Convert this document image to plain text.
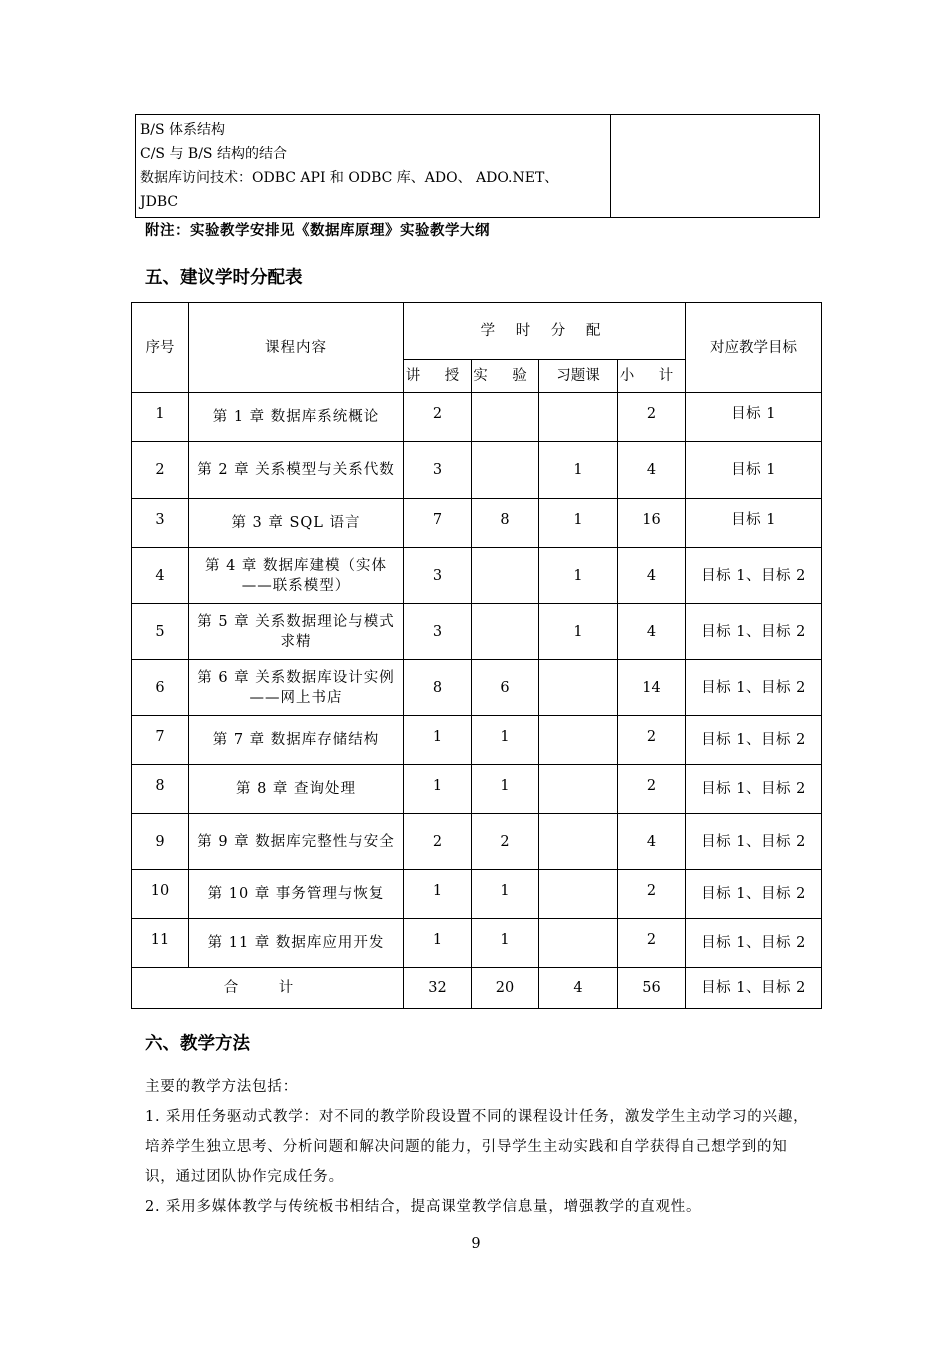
B/S 体系结构
C/S 与 B/S 结构的结合
数据库访问技术：ODBC API 和 ODBC 库、ADO、 ADO.NET、
JDBC

附注：实验教学安排见《数据库原理》实验教学大纲
五、建议学时分配表
序号	课程内容	学 时 分 配				对应教学目标
		讲 授	实 验	习题课	小 计	
1	第 1 章 数据库系统概论	2			2	目标 1
2	第 2 章 关系模型与关系代数	3		1	4	目标 1
3	第 3 章 SQL 语言	7	8	1	16	目标 1
4	第 4 章 数据库建模（实体——联系模型）	3		1	4	目标 1、目标 2
5	第 5 章 关系数据理论与模式求精	3		1	4	目标 1、目标 2
6	第 6 章 关系数据库设计实例——网上书店	8	6		14	目标 1、目标 2
7	第 7 章 数据库存储结构	1	1		2	目标 1、目标 2
8	第 8 章 查询处理	1	1		2	目标 1、目标 2
9	第 9 章 数据库完整性与安全	2	2		4	目标 1、目标 2
10	第 10 章 事务管理与恢复	1	1		2	目标 1、目标 2
11	第 11 章 数据库应用开发	1	1		2	目标 1、目标 2
合 计		32	20	4	56	目标 1、目标 2
六、教学方法

主要的教学方法包括：

1. 采用任务驱动式教学：对不同的教学阶段设置不同的课程设计任务，激发学生主动学习的兴趣，培养学生独立思考、分析问题和解决问题的能力，引导学生主动实践和自学获得自己想学到的知识，通过团队协作完成任务。

2. 采用多媒体教学与传统板书相结合，提高课堂教学信息量，增强教学的直观性。

9
